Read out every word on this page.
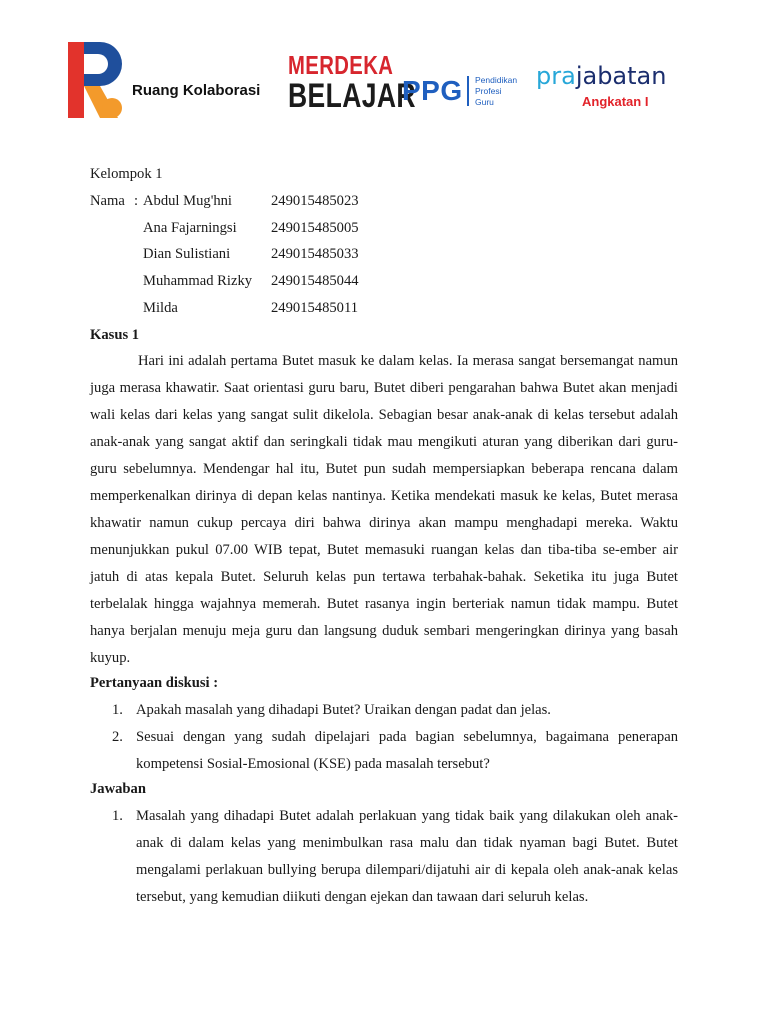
Ruang Kolaborasi
MERDEKA
BELAJAR
PPG Pendidikan
Profesi
Guru
prajabatan
Angkatan I
Kelompok 1
Nama : Abdul Mug'hni	249015485023
Ana Fajarningsi 249015485005
Dian Sulistiani	249015485033
Muhammad Rizky 249015485044
Milda	249015485011
Kasus 1
Hari ini adalah pertama Butet masuk ke dalam kelas. Ia merasa sangat bersemangat namun juga merasa khawatir. Saat orientasi guru baru, Butet diberi pengarahan bahwa Butet akan menjadi wali kelas dari kelas yang sangat sulit dikelola. Sebagian besar anak-anak di kelas tersebut adalah anak-anak yang sangat aktif dan seringkali tidak mau mengikuti aturan yang diberikan dari guru-guru sebelumnya. Mendengar hal itu, Butet pun sudah mempersiapkan beberapa rencana dalam memperkenalkan dirinya di depan kelas nantinya. Ketika mendekati masuk ke kelas, Butet merasa khawatir namun cukup percaya diri bahwa dirinya akan mampu menghadapi mereka. Waktu menunjukkan pukul 07.00 WIB tepat, Butet memasuki ruangan kelas dan tiba-tiba se-ember air jatuh di atas kepala Butet. Seluruh kelas pun tertawa terbahak-bahak. Seketika itu juga Butet terbelalak hingga wajahnya memerah. Butet rasanya ingin berteriak namun tidak mampu. Butet hanya berjalan menuju meja guru dan langsung duduk sembari mengeringkan dirinya yang basah kuyup.
Pertanyaan diskusi :
1. Apakah masalah yang dihadapi Butet? Uraikan dengan padat dan jelas.
2. Sesuai dengan yang sudah dipelajari pada bagian sebelumnya, bagaimana penerapan kompetensi Sosial-Emosional (KSE) pada masalah tersebut?
Jawaban
1. Masalah yang dihadapi Butet adalah perlakuan yang tidak baik yang dilakukan oleh anak-anak di dalam kelas yang menimbulkan rasa malu dan tidak nyaman bagi Butet. Butet mengalami perlakuan bullying berupa dilempari/dijatuhi air di kepala oleh anak-anak kelas tersebut, yang kemudian diikuti dengan ejekan dan tawaan dari seluruh kelas.
